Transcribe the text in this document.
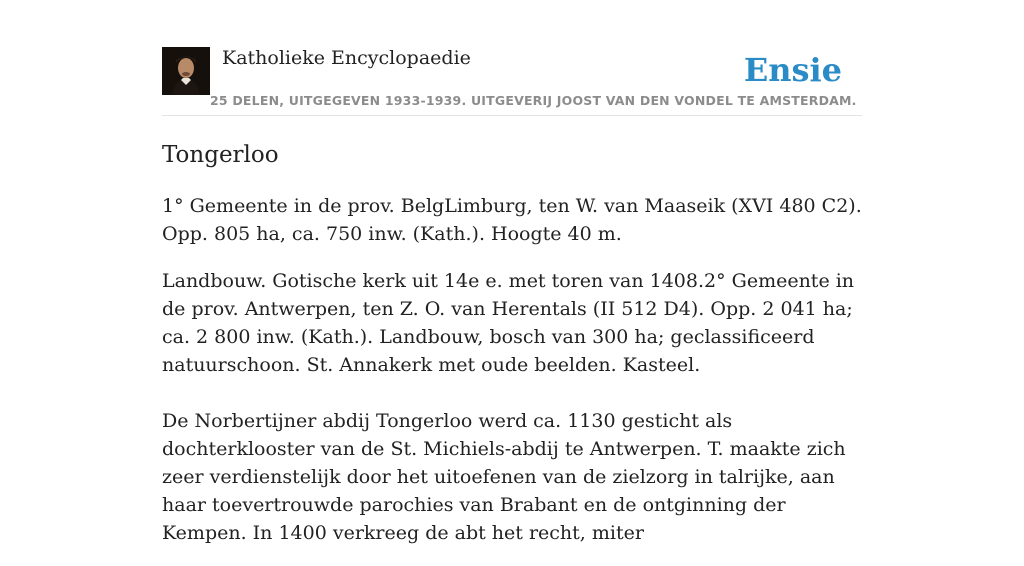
Katholieke Encyclopaedie	Ensie
25 DELEN, UITGEGEVEN 1933-1939. UITGEVERIJ JOOST VAN DEN VONDEL TE AMSTERDAM.
Tongerloo

1° Gemeente in de prov. BelgLimburg, ten W. van Maaseik (XVI 480 C2). Opp. 805 ha, ca. 750 inw. (Kath.). Hoogte 40 m.

Landbouw. Gotische kerk uit 14e e. met toren van 1408.2° Gemeente in de prov. Antwerpen, ten Z. O. van Herentals (II 512 D4). Opp. 2 041 ha; ca. 2 800 inw. (Kath.). Landbouw, bosch van 300 ha; geclassificeerd natuurschoon. St. Annakerk met oude beelden. Kasteel.

De Norbertijner abdij Tongerloo werd ca. 1130 gesticht als dochterklooster van de St. Michiels-abdij te Antwerpen. T. maakte zich zeer verdienstelijk door het uitoefenen van de zielzorg in talrijke, aan haar toevertrouwde parochies van Brabant en de ontginning der Kempen. In 1400 verkreeg de abt het recht, miter
